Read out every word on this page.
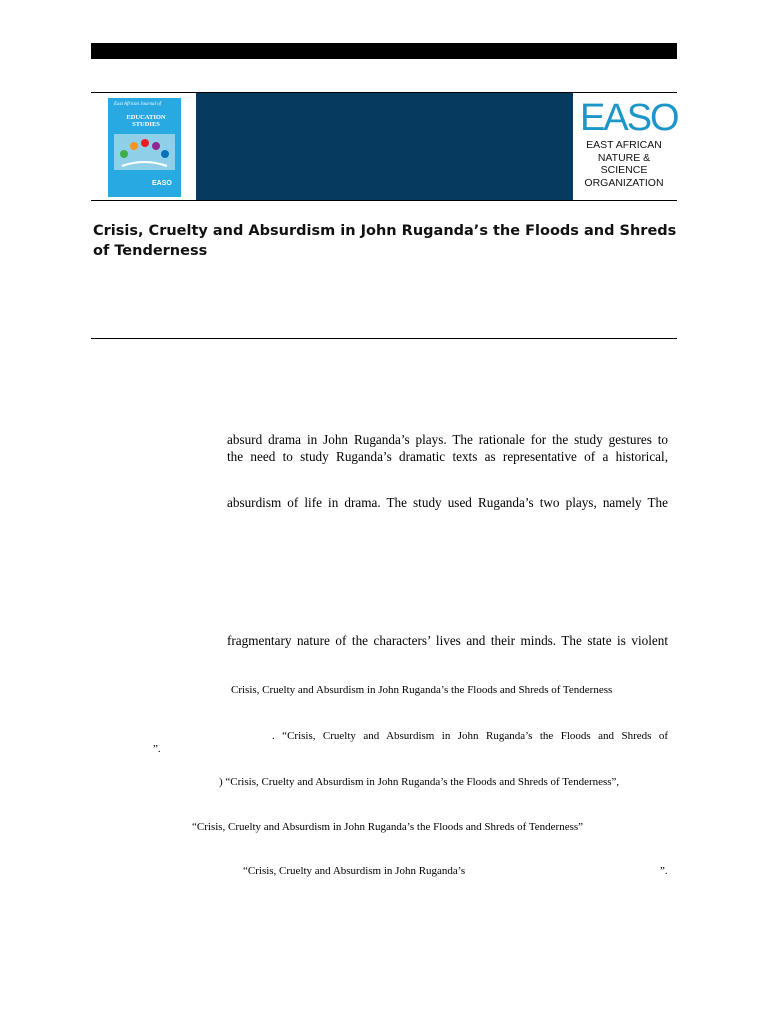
East African Journal of
EDUCATION STUDIES
EASO
EASO
EAST AFRICAN NATURE & SCIENCE ORGANIZATION
Crisis, Cruelty and Absurdism in John Ruganda’s the Floods and Shreds of Tenderness

absurd drama in John Ruganda’s plays. The rationale for the study gestures to

the need to study Ruganda’s dramatic texts as representative of a historical,

absurdism of life in drama. The study used Ruganda’s two plays, namely The

fragmentary nature of the characters’ lives and their minds. The state is violent

Crisis, Cruelty and Absurdism in John Ruganda’s the Floods and Shreds of Tenderness

. “Crisis, Cruelty and Absurdism in John Ruganda’s the Floods and Shreds of

”.

) “Crisis, Cruelty and Absurdism in John Ruganda’s the Floods and Shreds of Tenderness”,

“Crisis, Cruelty and Absurdism in John Ruganda’s the Floods and Shreds of Tenderness”

“Crisis, Cruelty and Absurdism in John Ruganda’s	”.
